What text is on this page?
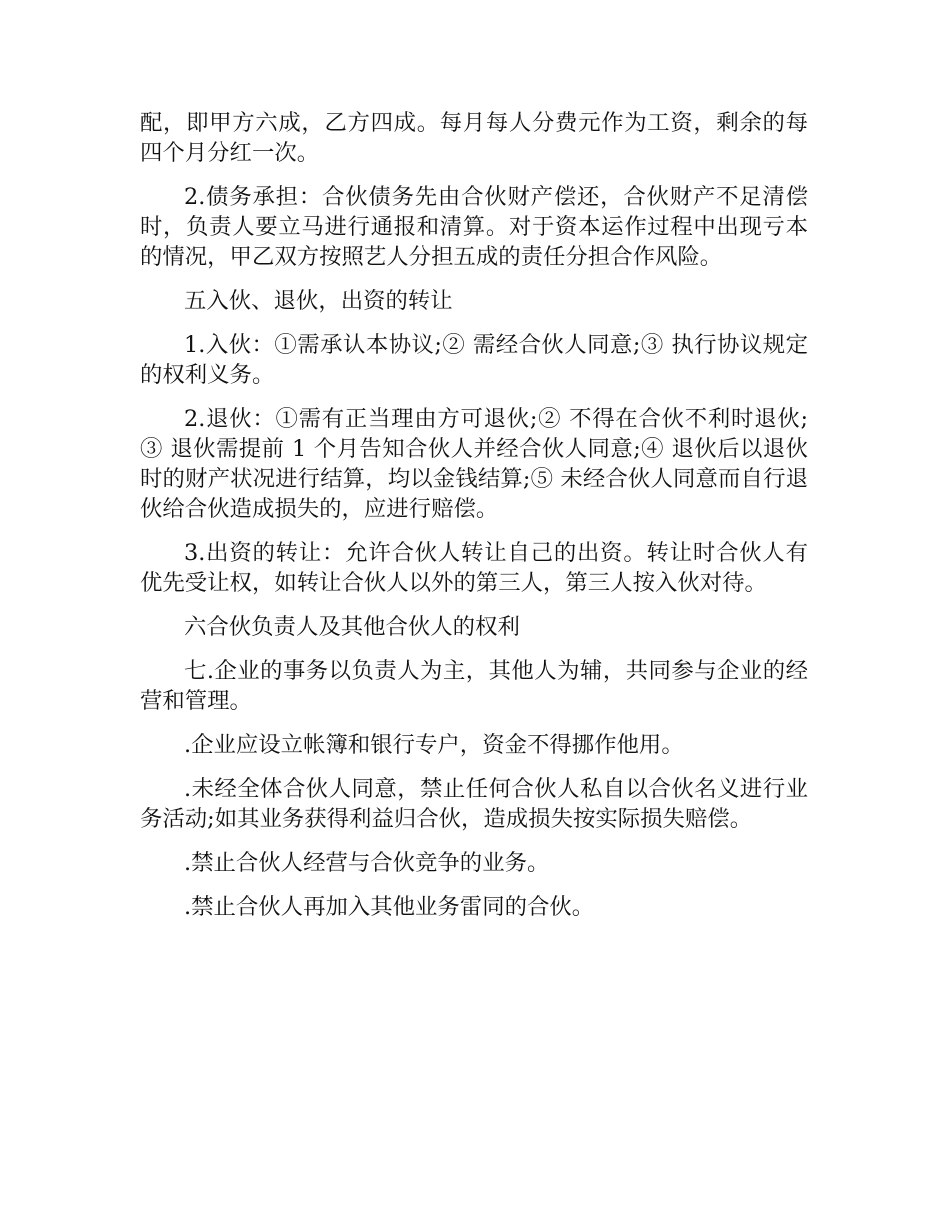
配，即甲方六成，乙方四成。每月每人分费元作为工资，剩余的每四个月分红一次。

2.债务承担：合伙债务先由合伙财产偿还，合伙财产不足清偿时，负责人要立马进行通报和清算。对于资本运作过程中出现亏本的情况，甲乙双方按照艺人分担五成的责任分担合作风险。

五入伙、退伙，出资的转让

1.入伙：①需承认本协议;② 需经合伙人同意;③ 执行协议规定的权利义务。

2.退伙：①需有正当理由方可退伙;② 不得在合伙不利时退伙;③ 退伙需提前 1 个月告知合伙人并经合伙人同意;④ 退伙后以退伙时的财产状况进行结算，均以金钱结算;⑤ 未经合伙人同意而自行退伙给合伙造成损失的，应进行赔偿。

3.出资的转让：允许合伙人转让自己的出资。转让时合伙人有优先受让权，如转让合伙人以外的第三人，第三人按入伙对待。

六合伙负责人及其他合伙人的权利

七.企业的事务以负责人为主，其他人为辅，共同参与企业的经营和管理。

.企业应设立帐簿和银行专户，资金不得挪作他用。

.未经全体合伙人同意，禁止任何合伙人私自以合伙名义进行业务活动;如其业务获得利益归合伙，造成损失按实际损失赔偿。

.禁止合伙人经营与合伙竞争的业务。

.禁止合伙人再加入其他业务雷同的合伙。
